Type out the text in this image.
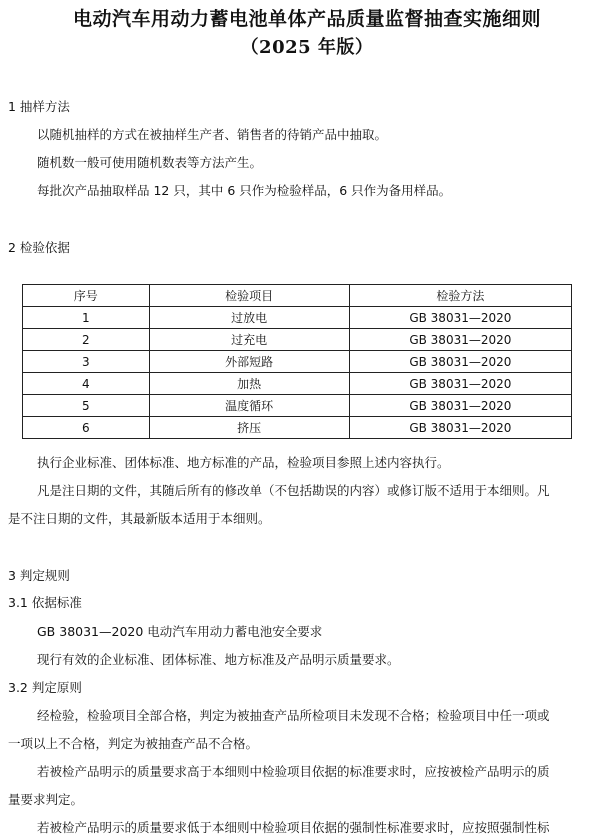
电动汽车用动力蓄电池单体产品质量监督抽查实施细则
（2025 年版）
1 抽样方法
以随机抽样的方式在被抽样生产者、销售者的待销产品中抽取。
随机数一般可使用随机数表等方法产生。
每批次产品抽取样品 12 只，其中 6 只作为检验样品，6 只作为备用样品。
2 检验依据
序号	检验项目	检验方法
1	过放电	GB 38031—2020
2	过充电	GB 38031—2020
3	外部短路	GB 38031—2020
4	加热	GB 38031—2020
5	温度循环	GB 38031—2020
6	挤压	GB 38031—2020
执行企业标准、团体标准、地方标准的产品，检验项目参照上述内容执行。
凡是注日期的文件，其随后所有的修改单（不包括勘误的内容）或修订版不适用于本细则。凡
是不注日期的文件，其最新版本适用于本细则。
3 判定规则
3.1 依据标准
GB 38031—2020 电动汽车用动力蓄电池安全要求
现行有效的企业标准、团体标准、地方标准及产品明示质量要求。
3.2 判定原则
经检验，检验项目全部合格，判定为被抽查产品所检项目未发现不合格；检验项目中任一项或
一项以上不合格，判定为被抽查产品不合格。
若被检产品明示的质量要求高于本细则中检验项目依据的标准要求时，应按被检产品明示的质
量要求判定。
若被检产品明示的质量要求低于本细则中检验项目依据的强制性标准要求时，应按照强制性标
